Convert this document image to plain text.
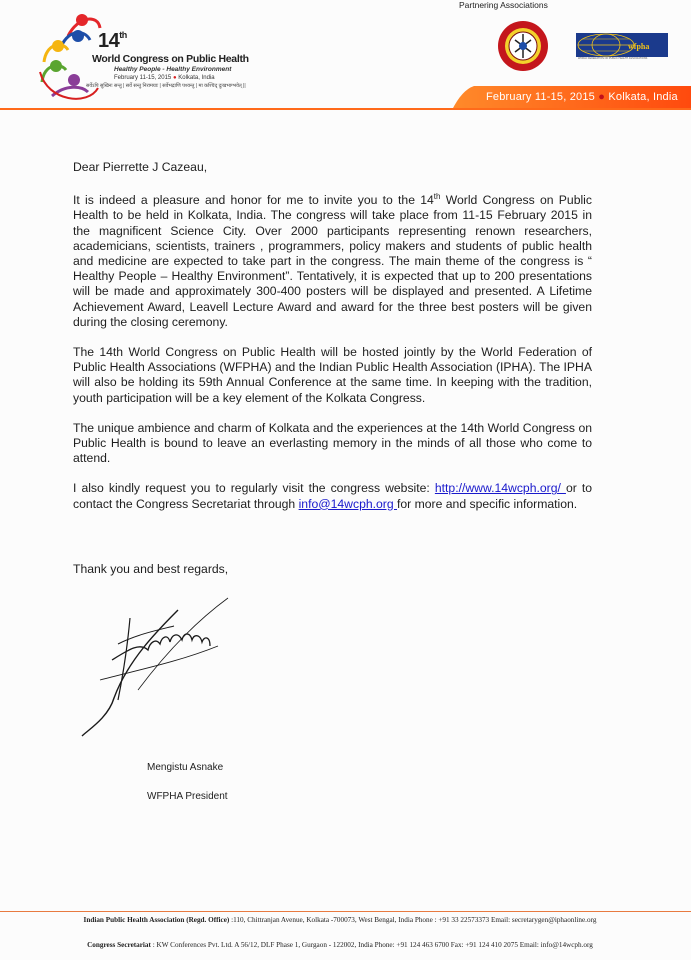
14th
World Congress on Public Health
Healthy People - Healthy Environment
February 11-15, 2015 ● Kolkata, India
सर्वेऽपि सुखिनः सन्तु | सर्वे सन्तु निरामयाः | सर्वेभद्राणि पश्यन्तु | मा कश्चिद् दुःखभाग्भवेत् ||
Partnering Associations
wfpha
WORLD FEDERATION OF PUBLIC HEALTH ASSOCIATIONS
February 11-15, 2015 ● Kolkata, India

Dear Pierrette J Cazeau,

It is indeed a pleasure and honor for me to invite you to the 14th World Congress on Public Health to be held in Kolkata, India. The congress will take place from 11-15 February 2015 in the magnificent Science City. Over 2000 participants representing renown researchers, academicians, scientists, trainers , programmers, policy makers and students of public health and medicine are expected to take part in the congress. The main theme of the congress is “ Healthy People – Healthy Environment”. Tentatively, it is expected that up to 200 presentations will be made and approximately 300-400 posters will be displayed and presented. A Lifetime Achievement Award, Leavell Lecture Award and award for the three best posters will be given during the closing ceremony.

The 14th World Congress on Public Health will be hosted jointly by the World Federation of Public Health Associations (WFPHA) and the Indian Public Health Association (IPHA). The IPHA will also be holding its 59th Annual Conference at the same time. In keeping with the tradition, youth participation will be a key element of the Kolkata Congress.

The unique ambience and charm of Kolkata and the experiences at the 14th World Congress on Public Health is bound to leave an everlasting memory in the minds of all those who come to attend.

I also kindly request you to regularly visit the congress website: http://www.14wcph.org/ or to contact the Congress Secretariat through info@14wcph.org for more and specific information.

Thank you and best regards,
Mengistu Asnake
WFPHA President
Indian Public Health Association (Regd. Office) :110, Chittranjan Avenue, Kolkata -700073, West Bengal, India Phone : +91 33 22573373 Email: secretarygen@iphaonline.org
Congress Secretariat : KW Conferences Pvt. Ltd. A 56/12, DLF Phase 1, Gurgaon - 122002, India Phone: +91 124 463 6700 Fax: +91 124 410 2075 Email: info@14wcph.org
